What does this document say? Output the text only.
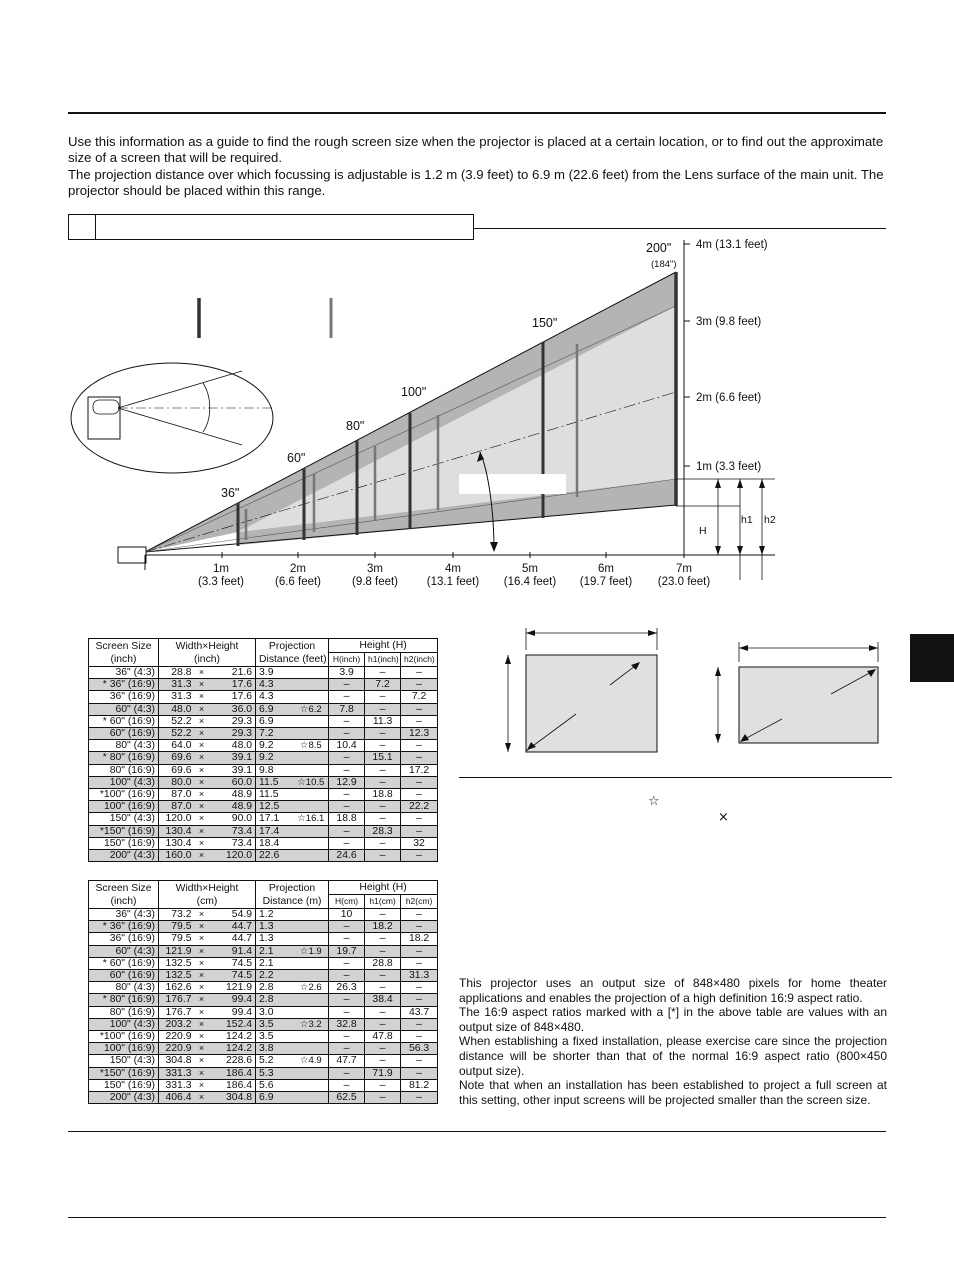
Use this information as a guide to find the rough screen size when the projector is placed at a certain location, or to find out the approximate size of a screen that will be required.

The projection distance over which focussing is adjustable is 1.2 m (3.9 feet) to 6.9 m (22.6 feet) from the Lens surface of the main unit. The projector should be placed within this range.

36"
60"
80"
100"
150"
200"
(184")
4m (13.1 feet)
3m (9.8 feet)
2m (6.6 feet)
1m (3.3 feet)
H
h1 h2
1m	2m	3m	4m	5m	6m	7m
(3.3 feet)	(6.6 feet)	(9.8 feet)	(13.1 feet) (16.4 feet) (19.7 feet) (23.0 feet)
☆
×
Screen Size
(inch)	Width×Height
(inch)			Projection
Distance (feet)		Height (H)		
						H(inch)	h1(inch)	h2(inch)
36" (4:3)	28.8	×	21.6	3.9		3.9	–	–
* 36" (16:9)	31.3	×	17.6	4.3		–	7.2	–
36" (16:9)	31.3	×	17.6	4.3		–	–	7.2
60" (4:3)	48.0	×	36.0	6.9	☆6.2	7.8	–	–
* 60" (16:9)	52.2	×	29.3	6.9		–	11.3	–
60" (16:9)	52.2	×	29.3	7.2		–	–	12.3
80" (4:3)	64.0	×	48.0	9.2	☆8.5	10.4	–	–
* 80" (16:9)	69.6	×	39.1	9.2		–	15.1	–
80" (16:9)	69.6	×	39.1	9.8		–	–	17.2
100" (4:3)	80.0	×	60.0	11.5	☆10.5	12.9	–	–
*100" (16:9)	87.0	×	48.9	11.5		–	18.8	–
100" (16:9)	87.0	×	48.9	12.5		–	–	22.2
150" (4:3)	120.0	×	90.0	17.1	☆16.1	18.8	–	–
*150" (16:9)	130.4	×	73.4	17.4		–	28.3	–
150" (16:9)	130.4	×	73.4	18.4		–	–	32
200" (4:3)	160.0	×	120.0	22.6		24.6	–	–
Screen Size
(inch)	Width×Height
(cm)			Projection
Distance (m)		Height (H)		
						H(cm)	h1(cm)	h2(cm)
36" (4:3)	73.2	×	54.9	1.2		10	–	–
* 36" (16:9)	79.5	×	44.7	1.3		–	18.2	–
36" (16:9)	79.5	×	44.7	1.3		–	–	18.2
60" (4:3)	121.9	×	91.4	2.1	☆1.9	19.7	–	–
* 60" (16:9)	132.5	×	74.5	2.1		–	28.8	–
60" (16:9)	132.5	×	74.5	2.2		–	–	31.3
80" (4:3)	162.6	×	121.9	2.8	☆2.6	26.3	–	–
* 80" (16:9)	176.7	×	99.4	2.8		–	38.4	–
80" (16:9)	176.7	×	99.4	3.0		–	–	43.7
100" (4:3)	203.2	×	152.4	3.5	☆3.2	32.8	–	–
*100" (16:9)	220.9	×	124.2	3.5		–	47.8	–
100" (16:9)	220.9	×	124.2	3.8		–	–	56.3
150" (4:3)	304.8	×	228.6	5.2	☆4.9	47.7	–	–
*150" (16:9)	331.3	×	186.4	5.3		–	71.9	–
150" (16:9)	331.3	×	186.4	5.6		–	–	81.2
200" (4:3)	406.4	×	304.8	6.9		62.5	–	–

This projector uses an output size of 848×480 pixels for home theater applications and enables the projection of a high definition 16:9 aspect ratio.

The 16:9 aspect ratios marked with a [*] in the above table are values with an output size of 848×480.

When establishing a fixed installation, please exercise care since the projection distance will be shorter than that of the normal 16:9 aspect ratio (800×450 output size).

Note that when an installation has been established to project a full screen at this setting, other input screens will be projected smaller than the screen size.
